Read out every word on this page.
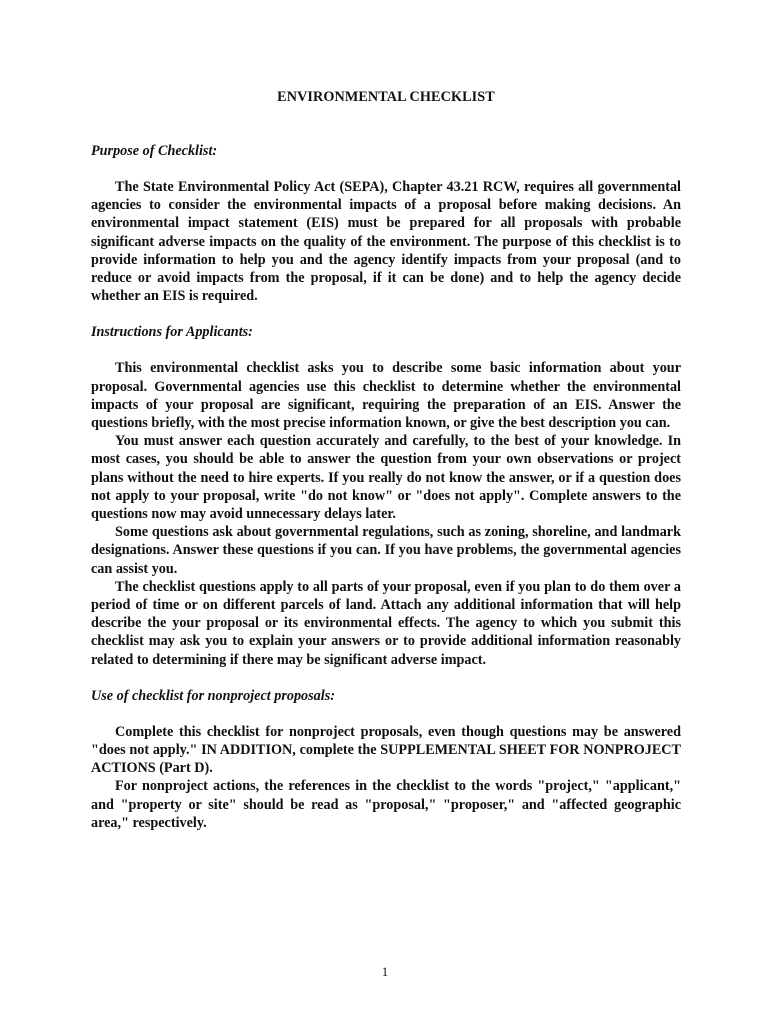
ENVIRONMENTAL CHECKLIST

Purpose of Checklist:

The State Environmental Policy Act (SEPA), Chapter 43.21 RCW, requires all governmental agencies to consider the environmental impacts of a proposal before making decisions. An environmental impact statement (EIS) must be prepared for all proposals with probable significant adverse impacts on the quality of the environment. The purpose of this checklist is to provide information to help you and the agency identify impacts from your proposal (and to reduce or avoid impacts from the proposal, if it can be done) and to help the agency decide whether an EIS is required.

Instructions for Applicants:

This environmental checklist asks you to describe some basic information about your proposal. Governmental agencies use this checklist to determine whether the environmental impacts of your proposal are significant, requiring the preparation of an EIS. Answer the questions briefly, with the most precise information known, or give the best description you can.

You must answer each question accurately and carefully, to the best of your knowledge. In most cases, you should be able to answer the question from your own observations or project plans without the need to hire experts. If you really do not know the answer, or if a question does not apply to your proposal, write "do not know" or "does not apply". Complete answers to the questions now may avoid unnecessary delays later.

Some questions ask about governmental regulations, such as zoning, shoreline, and landmark designations. Answer these questions if you can. If you have problems, the governmental agencies can assist you.

The checklist questions apply to all parts of your proposal, even if you plan to do them over a period of time or on different parcels of land. Attach any additional information that will help describe the your proposal or its environmental effects. The agency to which you submit this checklist may ask you to explain your answers or to provide additional information reasonably related to determining if there may be significant adverse impact.

Use of checklist for nonproject proposals:

Complete this checklist for nonproject proposals, even though questions may be answered "does not apply." IN ADDITION, complete the SUPPLEMENTAL SHEET FOR NONPROJECT ACTIONS (Part D).

For nonproject actions, the references in the checklist to the words "project," "applicant," and "property or site" should be read as "proposal," "proposer," and "affected geographic area," respectively.

1
